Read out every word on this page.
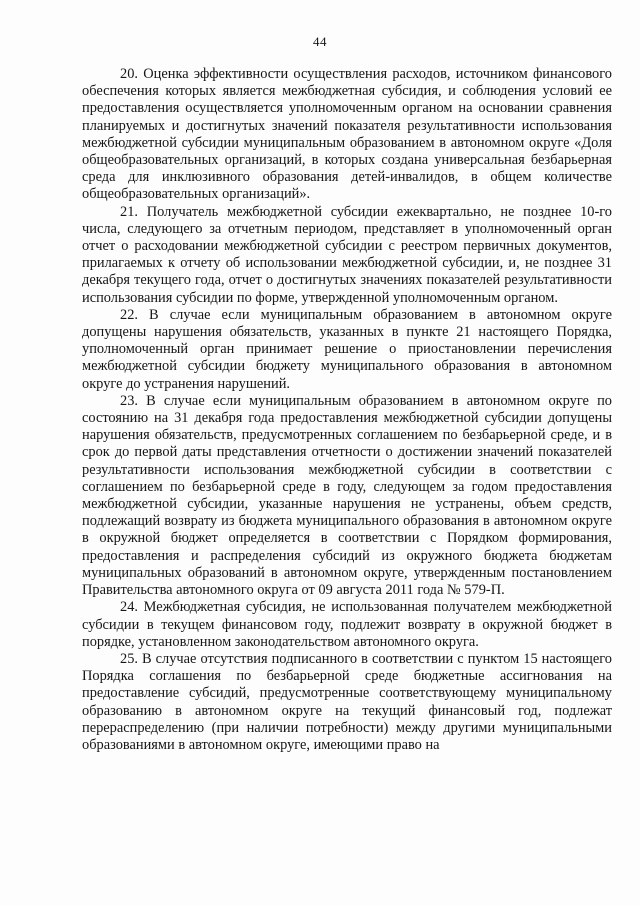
44

20. Оценка эффективности осуществления расходов, источником финансового обеспечения которых является межбюджетная субсидия, и соблюдения условий ее предоставления осуществляется уполномоченным органом на основании сравнения планируемых и достигнутых значений показателя результативности использования межбюджетной субсидии муниципальным образованием в автономном округе «Доля общеобразовательных организаций, в которых создана универсальная безбарьерная среда для инклюзивного образования детей-инвалидов, в общем количестве общеобразовательных организаций».

21. Получатель межбюджетной субсидии ежеквартально, не позднее 10-го числа, следующего за отчетным периодом, представляет в уполномоченный орган отчет о расходовании межбюджетной субсидии с реестром первичных документов, прилагаемых к отчету об использовании межбюджетной субсидии, и, не позднее 31 декабря текущего года, отчет о достигнутых значениях показателей результативности использования субсидии по форме, утвержденной уполномоченным органом.

22. В случае если муниципальным образованием в автономном округе допущены нарушения обязательств, указанных в пункте 21 настоящего Порядка, уполномоченный орган принимает решение о приостановлении перечисления межбюджетной субсидии бюджету муниципального образования в автономном округе до устранения нарушений.

23. В случае если муниципальным образованием в автономном округе по состоянию на 31 декабря года предоставления межбюджетной субсидии допущены нарушения обязательств, предусмотренных соглашением по безбарьерной среде, и в срок до первой даты представления отчетности о достижении значений показателей результативности использования межбюджетной субсидии в соответствии с соглашением по безбарьерной среде в году, следующем за годом предоставления межбюджетной субсидии, указанные нарушения не устранены, объем средств, подлежащий возврату из бюджета муниципального образования в автономном округе в окружной бюджет определяется в соответствии с Порядком формирования, предоставления и распределения субсидий из окружного бюджета бюджетам муниципальных образований в автономном округе, утвержденным постановлением Правительства автономного округа от 09 августа 2011 года № 579-П.

24. Межбюджетная субсидия, не использованная получателем межбюджетной субсидии в текущем финансовом году, подлежит возврату в окружной бюджет в порядке, установленном законодательством автономного округа.

25. В случае отсутствия подписанного в соответствии с пунктом 15 настоящего Порядка соглашения по безбарьерной среде бюджетные ассигнования на предоставление субсидий, предусмотренные соответствующему муниципальному образованию в автономном округе на текущий финансовый год, подлежат перераспределению (при наличии потребности) между другими муниципальными образованиями в автономном округе, имеющими право на
